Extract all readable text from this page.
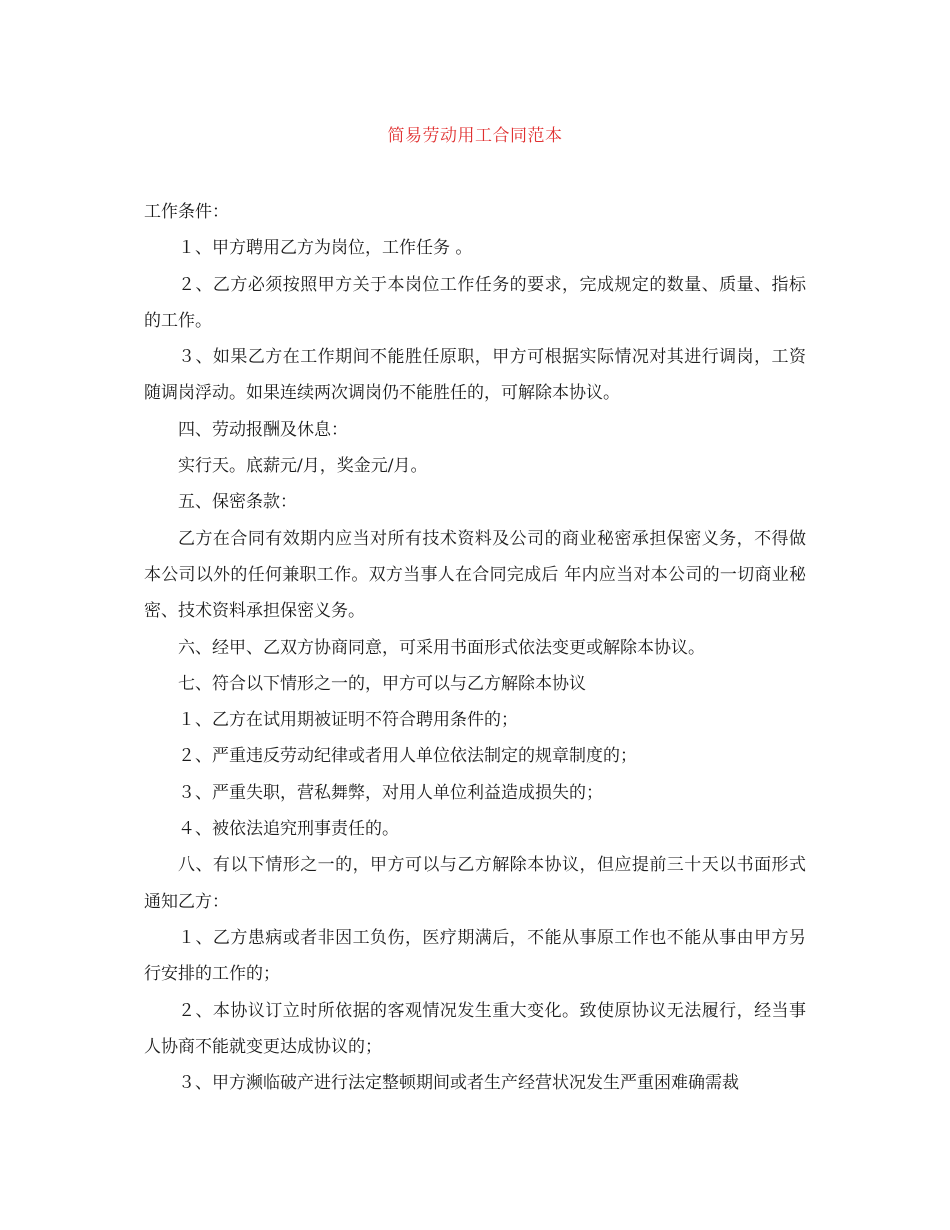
简易劳动用工合同范本

工作条件：

１、甲方聘用乙方为岗位，工作任务 。

２、乙方必须按照甲方关于本岗位工作任务的要求，完成规定的数量、质量、指标的工作。

３、如果乙方在工作期间不能胜任原职，甲方可根据实际情况对其进行调岗，工资随调岗浮动。如果连续两次调岗仍不能胜任的，可解除本协议。

四、劳动报酬及休息：

实行天。底薪元/月，奖金元/月。

五、保密条款：

乙方在合同有效期内应当对所有技术资料及公司的商业秘密承担保密义务，不得做本公司以外的任何兼职工作。双方当事人在合同完成后 年内应当对本公司的一切商业秘密、技术资料承担保密义务。

六、经甲、乙双方协商同意，可采用书面形式依法变更或解除本协议。

七、符合以下情形之一的，甲方可以与乙方解除本协议

１、乙方在试用期被证明不符合聘用条件的；

２、严重违反劳动纪律或者用人单位依法制定的规章制度的；

３、严重失职，营私舞弊，对用人单位利益造成损失的；

４、被依法追究刑事责任的。

八、有以下情形之一的，甲方可以与乙方解除本协议，但应提前三十天以书面形式通知乙方：

１、乙方患病或者非因工负伤，医疗期满后，不能从事原工作也不能从事由甲方另行安排的工作的；

２、本协议订立时所依据的客观情况发生重大变化。致使原协议无法履行，经当事人协商不能就变更达成协议的；

３、甲方濒临破产进行法定整顿期间或者生产经营状况发生严重困难确需裁
